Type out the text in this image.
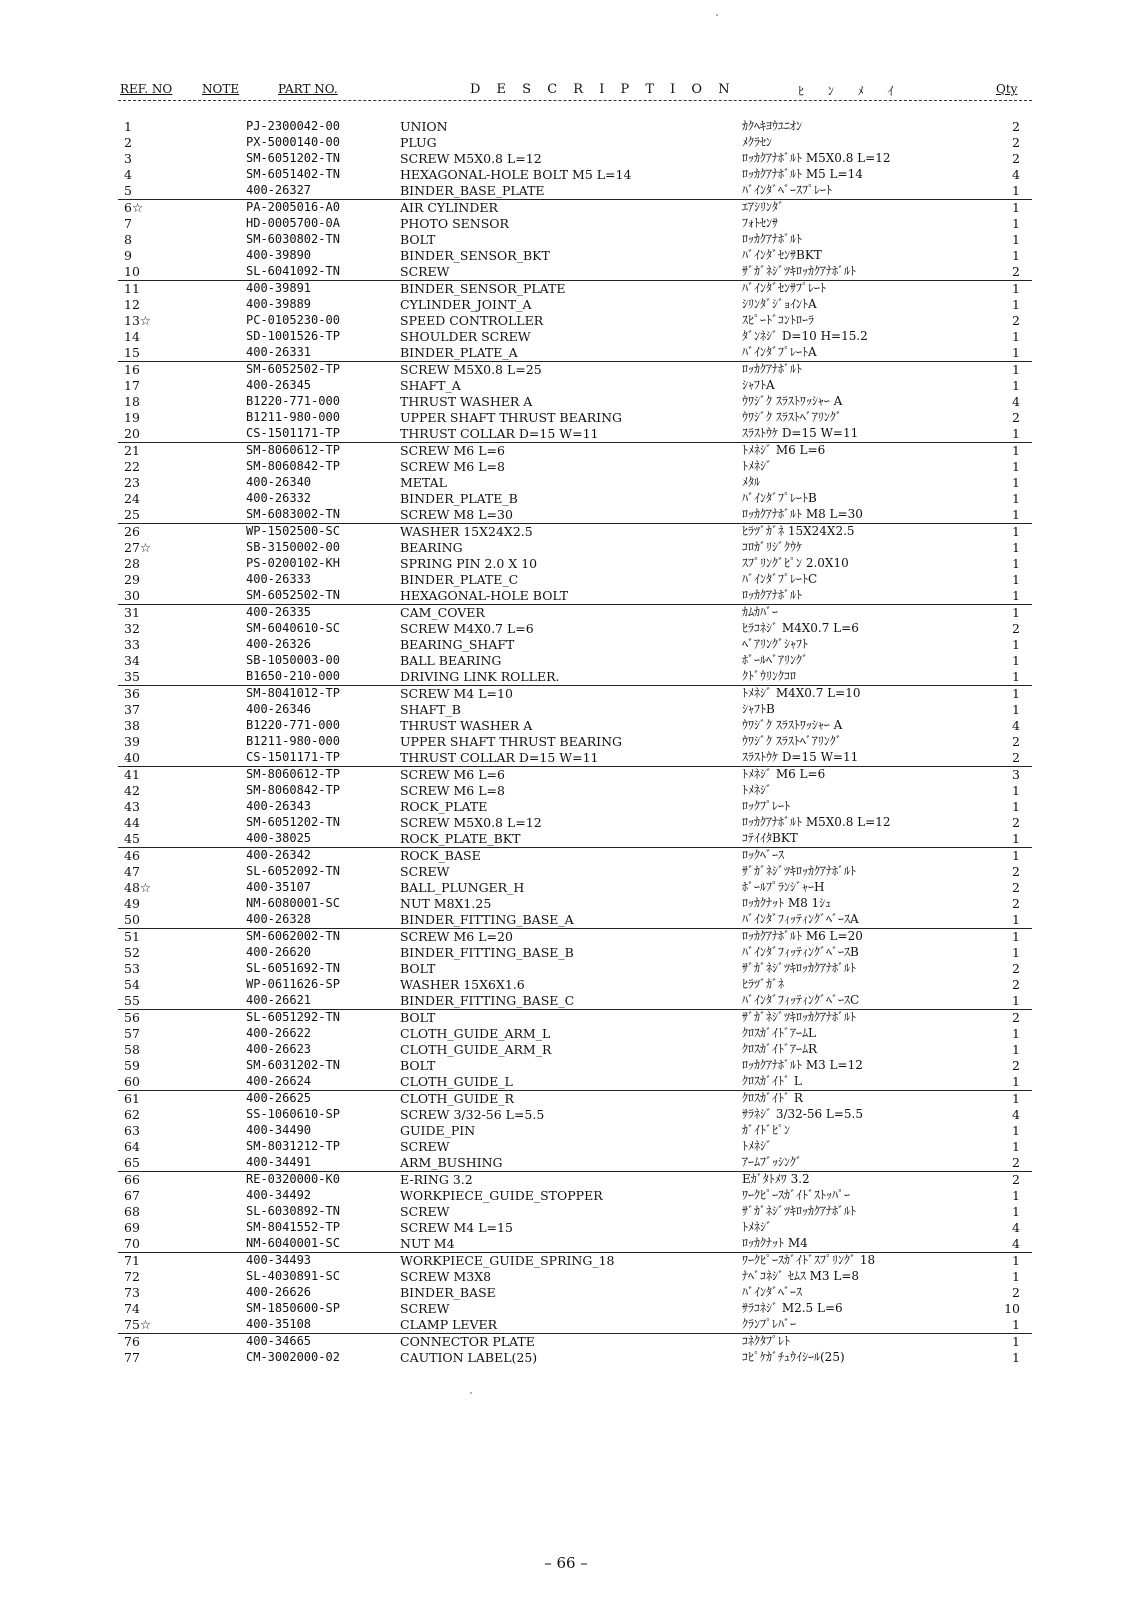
REF. NO NOTE	PART NO.	D E S C R I P T I O N	ﾋ ﾝ ﾒ ｲ	Qty
1	PJ-2300042-00	UNION	ｶｸﾍｷﾖｳﾕﾆｵﾝ	2
2	PX-5000140-00	PLUG	ﾒｸﾗｾﾝ	2
3	SM-6051202-TN	SCREW M5X0.8 L=12	ﾛｯｶｸｱﾅﾎﾞﾙﾄ M5X0.8 L=12	2
4	SM-6051402-TN	HEXAGONAL-HOLE BOLT M5 L=14	ﾛｯｶｸｱﾅﾎﾞﾙﾄ M5 L=14	4
5	400-26327	BINDER_BASE_PLATE	ﾊﾞｲﾝﾀﾞﾍﾞｰｽﾌﾟﾚｰﾄ	1
6☆	PA-2005016-A0	AIR CYLINDER	ｴｱｼﾘﾝﾀﾞ	1
7	HD-0005700-0A	PHOTO SENSOR	ﾌｫﾄｾﾝｻ	1
8	SM-6030802-TN	BOLT	ﾛｯｶｸｱﾅﾎﾞﾙﾄ	1
9	400-39890	BINDER_SENSOR_BKT	ﾊﾞｲﾝﾀﾞｾﾝｻBKT	1
10	SL-6041092-TN	SCREW	ｻﾞｶﾞﾈｼﾞﾂｷﾛｯｶｸｱﾅﾎﾞﾙﾄ	2
11	400-39891	BINDER_SENSOR_PLATE	ﾊﾞｲﾝﾀﾞｾﾝｻﾌﾟﾚｰﾄ	1
12	400-39889	CYLINDER_JOINT_A	ｼﾘﾝﾀﾞｼﾞｮｲﾝﾄA	1
13☆	PC-0105230-00	SPEED CONTROLLER	ｽﾋﾟｰﾄﾞｺﾝﾄﾛｰﾗ	2
14	SD-1001526-TP	SHOULDER SCREW	ﾀﾞﾝﾈｼﾞ D=10 H=15.2	1
15	400-26331	BINDER_PLATE_A	ﾊﾞｲﾝﾀﾞﾌﾟﾚｰﾄA	1
16	SM-6052502-TP	SCREW M5X0.8 L=25	ﾛｯｶｸｱﾅﾎﾞﾙﾄ	1
17	400-26345	SHAFT_A	ｼｬﾌﾄA	1
18	B1220-771-000	THRUST WASHER A	ｳﾜｼﾞｸ ｽﾗｽﾄﾜｯｼｬｰ A	4
19	B1211-980-000	UPPER SHAFT THRUST BEARING	ｳﾜｼﾞｸ ｽﾗｽﾄﾍﾞｱﾘﾝｸﾞ	2
20	CS-1501171-TP	THRUST COLLAR D=15 W=11	ｽﾗｽﾄｳｹ D=15 W=11	1
21	SM-8060612-TP	SCREW M6 L=6	ﾄﾒﾈｼﾞ M6 L=6	1
22	SM-8060842-TP	SCREW M6 L=8	ﾄﾒﾈｼﾞ	1
23	400-26340	METAL	ﾒﾀﾙ	1
24	400-26332	BINDER_PLATE_B	ﾊﾞｲﾝﾀﾞﾌﾟﾚｰﾄB	1
25	SM-6083002-TN	SCREW M8 L=30	ﾛｯｶｸｱﾅﾎﾞﾙﾄ M8 L=30	1
26	WP-1502500-SC	WASHER 15X24X2.5	ﾋﾗﾂﾞｶﾞﾈ 15X24X2.5	1
27☆	SB-3150002-00	BEARING	ｺﾛｶﾞﾘｼﾞｸｳｹ	1
28	PS-0200102-KH	SPRING PIN 2.0 X 10	ｽﾌﾟﾘﾝｸﾞﾋﾟﾝ 2.0X10	1
29	400-26333	BINDER_PLATE_C	ﾊﾞｲﾝﾀﾞﾌﾟﾚｰﾄC	1
30	SM-6052502-TN	HEXAGONAL-HOLE BOLT	ﾛｯｶｸｱﾅﾎﾞﾙﾄ	1
31	400-26335	CAM_COVER	ｶﾑｶﾊﾞｰ	1
32	SM-6040610-SC	SCREW M4X0.7 L=6	ﾋﾗｺﾈｼﾞ M4X0.7 L=6	2
33	400-26326	BEARING_SHAFT	ﾍﾞｱﾘﾝｸﾞｼｬﾌﾄ	1
34	SB-1050003-00	BALL BEARING	ﾎﾞｰﾙﾍﾞｱﾘﾝｸﾞ	1
35	B1650-210-000	DRIVING LINK ROLLER.	ｸﾄﾞｳﾘﾝｸｺﾛ	1
36	SM-8041012-TP	SCREW M4 L=10	ﾄﾒﾈｼﾞ M4X0.7 L=10	1
37	400-26346	SHAFT_B	ｼｬﾌﾄB	1
38	B1220-771-000	THRUST WASHER A	ｳﾜｼﾞｸ ｽﾗｽﾄﾜｯｼｬｰ A	4
39	B1211-980-000	UPPER SHAFT THRUST BEARING	ｳﾜｼﾞｸ ｽﾗｽﾄﾍﾞｱﾘﾝｸﾞ	2
40	CS-1501171-TP	THRUST COLLAR D=15 W=11	ｽﾗｽﾄｳｹ D=15 W=11	2
41	SM-8060612-TP	SCREW M6 L=6	ﾄﾒﾈｼﾞ M6 L=6	3
42	SM-8060842-TP	SCREW M6 L=8	ﾄﾒﾈｼﾞ	1
43	400-26343	ROCK_PLATE	ﾛｯｸﾌﾟﾚｰﾄ	1
44	SM-6051202-TN	SCREW M5X0.8 L=12	ﾛｯｶｸｱﾅﾎﾞﾙﾄ M5X0.8 L=12	2
45	400-38025	ROCK_PLATE_BKT	ｺﾃｲｲﾀBKT	1
46	400-26342	ROCK_BASE	ﾛｯｸﾍﾞｰｽ	1
47	SL-6052092-TN	SCREW	ｻﾞｶﾞﾈｼﾞﾂｷﾛｯｶｸｱﾅﾎﾞﾙﾄ	2
48☆	400-35107	BALL_PLUNGER_H	ﾎﾞｰﾙﾌﾟﾗﾝｼﾞｬｰH	2
49	NM-6080001-SC	NUT M8X1.25	ﾛｯｶｸﾅｯﾄ M8 1ｼｭ	2
50	400-26328	BINDER_FITTING_BASE_A	ﾊﾞｲﾝﾀﾞﾌｨｯﾃｨﾝｸﾞﾍﾞｰｽA	1
51	SM-6062002-TN	SCREW M6 L=20	ﾛｯｶｸｱﾅﾎﾞﾙﾄ M6 L=20	1
52	400-26620	BINDER_FITTING_BASE_B	ﾊﾞｲﾝﾀﾞﾌｨｯﾃｨﾝｸﾞﾍﾞｰｽB	1
53	SL-6051692-TN	BOLT	ｻﾞｶﾞﾈｼﾞﾂｷﾛｯｶｸｱﾅﾎﾞﾙﾄ	2
54	WP-0611626-SP	WASHER 15X6X1.6	ﾋﾗﾂﾞｶﾞﾈ	2
55	400-26621	BINDER_FITTING_BASE_C	ﾊﾞｲﾝﾀﾞﾌｨｯﾃｨﾝｸﾞﾍﾞｰｽC	1
56	SL-6051292-TN	BOLT	ｻﾞｶﾞﾈｼﾞﾂｷﾛｯｶｸｱﾅﾎﾞﾙﾄ	2
57	400-26622	CLOTH_GUIDE_ARM_L	ｸﾛｽｶﾞｲﾄﾞｱｰﾑL	1
58	400-26623	CLOTH_GUIDE_ARM_R	ｸﾛｽｶﾞｲﾄﾞｱｰﾑR	1
59	SM-6031202-TN	BOLT	ﾛｯｶｸｱﾅﾎﾞﾙﾄ M3 L=12	2
60	400-26624	CLOTH_GUIDE_L	ｸﾛｽｶﾞｲﾄﾞ L	1
61	400-26625	CLOTH_GUIDE_R	ｸﾛｽｶﾞｲﾄﾞ R	1
62	SS-1060610-SP	SCREW 3/32-56 L=5.5	ｻﾗﾈｼﾞ 3/32-56 L=5.5	4
63	400-34490	GUIDE_PIN	ｶﾞｲﾄﾞﾋﾟﾝ	1
64	SM-8031212-TP	SCREW	ﾄﾒﾈｼﾞ	1
65	400-34491	ARM_BUSHING	ｱｰﾑﾌﾞｯｼﾝｸﾞ	2
66	RE-0320000-K0	E-RING 3.2	Eｶﾞﾀﾄﾒﾜ 3.2	2
67	400-34492	WORKPIECE_GUIDE_STOPPER	ﾜｰｸﾋﾟｰｽｶﾞｲﾄﾞｽﾄｯﾊﾟｰ	1
68	SL-6030892-TN	SCREW	ｻﾞｶﾞﾈｼﾞﾂｷﾛｯｶｸｱﾅﾎﾞﾙﾄ	1
69	SM-8041552-TP	SCREW M4 L=15	ﾄﾒﾈｼﾞ	4
70	NM-6040001-SC	NUT M4	ﾛｯｶｸﾅｯﾄ M4	4
71	400-34493	WORKPIECE_GUIDE_SPRING_18	ﾜｰｸﾋﾟｰｽｶﾞｲﾄﾞｽﾌﾟﾘﾝｸﾞ 18	1
72	SL-4030891-SC	SCREW M3X8	ﾅﾍﾞｺﾈｼﾞ ｾﾑｽ M3 L=8	1
73	400-26626	BINDER_BASE	ﾊﾞｲﾝﾀﾞﾍﾞｰｽ	2
74	SM-1850600-SP	SCREW	ｻﾗｺﾈｼﾞ M2.5 L=6	10
75☆	400-35108	CLAMP LEVER	ｸﾗﾝﾌﾟﾚﾊﾞｰ	1
76	400-34665	CONNECTOR PLATE	ｺﾈｸﾀﾌﾟﾚﾄ	1
77	CM-3002000-02	CAUTION LABEL(25)	ｺﾋﾟｹｶﾞﾁｭｳｲｼｰﾙ(25)	1
– 66 –
